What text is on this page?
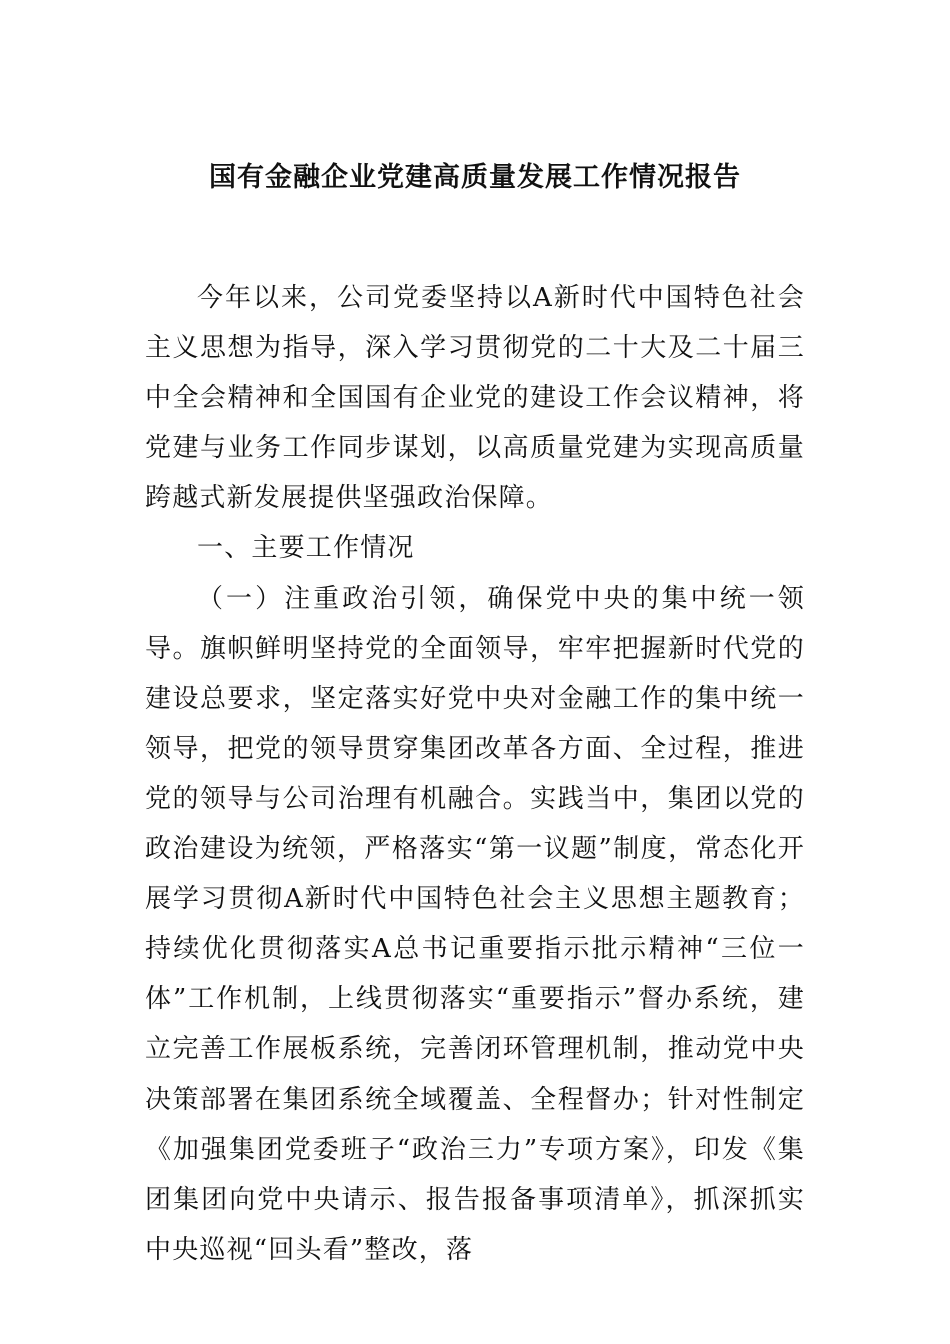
国有金融企业党建高质量发展工作情况报告

今年以来，公司党委坚持以A新时代中国特色社会主义思想为指导，深入学习贯彻党的二十大及二十届三中全会精神和全国国有企业党的建设工作会议精神，将党建与业务工作同步谋划，以高质量党建为实现高质量跨越式新发展提供坚强政治保障。

一、主要工作情况

（一）注重政治引领，确保党中央的集中统一领导。旗帜鲜明坚持党的全面领导，牢牢把握新时代党的建设总要求，坚定落实好党中央对金融工作的集中统一领导，把党的领导贯穿集团改革各方面、全过程，推进党的领导与公司治理有机融合。实践当中，集团以党的政治建设为统领，严格落实“第一议题”制度，常态化开展学习贯彻A新时代中国特色社会主义思想主题教育；持续优化贯彻落实A总书记重要指示批示精神“三位一体”工作机制，上线贯彻落实“重要指示”督办系统，建立完善工作展板系统，完善闭环管理机制，推动党中央决策部署在集团系统全域覆盖、全程督办；针对性制定《加强集团党委班子“政治三力”专项方案》，印发《集团集团向党中央请示、报告报备事项清单》，抓深抓实中央巡视“回头看”整改，落
